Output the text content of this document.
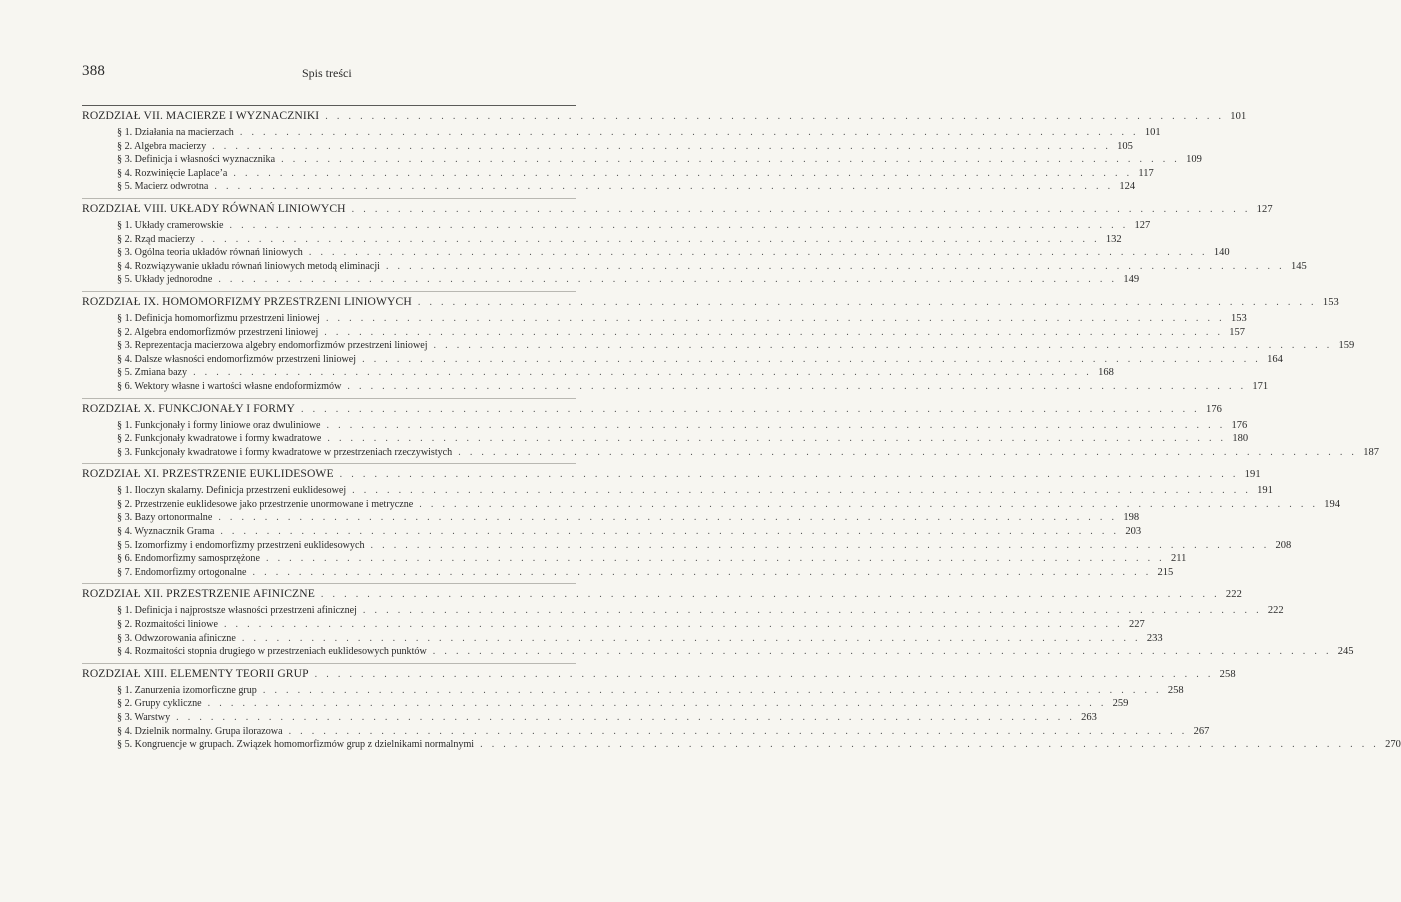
388	Spis treści
ROZDZIAŁ VII. MACIERZE I WYZNACZNIKI . . . . . . . . . . . . . . . . . . . . . . . . . . . . . . . . . . . . . . . . . . . . . . . . . . . . . . . . . . . . . . . . . . . . . . . . . . . . . . 101
§ 1. Działania na macierzach . . . . . . . . . . . . . . . . . . . . . . . . . . . . . . . . . . . . . . . . . . . . . . . . . . . . . . . . . . . . . . . . . . . . . . . . . . . . . . 101
§ 2. Algebra macierzy . . . . . . . . . . . . . . . . . . . . . . . . . . . . . . . . . . . . . . . . . . . . . . . . . . . . . . . . . . . . . . . . . . . . . . . . . . . . . . 105
§ 3. Definicja i własności wyznacznika . . . . . . . . . . . . . . . . . . . . . . . . . . . . . . . . . . . . . . . . . . . . . . . . . . . . . . . . . . . . . . . . . . . . . . . . . . . . . . 109
§ 4. Rozwinięcie Laplace’a . . . . . . . . . . . . . . . . . . . . . . . . . . . . . . . . . . . . . . . . . . . . . . . . . . . . . . . . . . . . . . . . . . . . . . . . . . . . . . 117
§ 5. Macierz odwrotna . . . . . . . . . . . . . . . . . . . . . . . . . . . . . . . . . . . . . . . . . . . . . . . . . . . . . . . . . . . . . . . . . . . . . . . . . . . . . . 124
ROZDZIAŁ VIII. UKŁADY RÓWNAŃ LINIOWYCH . . . . . . . . . . . . . . . . . . . . . . . . . . . . . . . . . . . . . . . . . . . . . . . . . . . . . . . . . . . . . . . . . . . . . . . . . . . . . . 127
§ 1. Układy cramerowskie . . . . . . . . . . . . . . . . . . . . . . . . . . . . . . . . . . . . . . . . . . . . . . . . . . . . . . . . . . . . . . . . . . . . . . . . . . . . . . 127
§ 2. Rząd macierzy . . . . . . . . . . . . . . . . . . . . . . . . . . . . . . . . . . . . . . . . . . . . . . . . . . . . . . . . . . . . . . . . . . . . . . . . . . . . . . 132
§ 3. Ogólna teoria układów równań liniowych . . . . . . . . . . . . . . . . . . . . . . . . . . . . . . . . . . . . . . . . . . . . . . . . . . . . . . . . . . . . . . . . . . . . . . . . . . . . . . 140
§ 4. Rozwiązywanie układu równań liniowych metodą eliminacji . . . . . . . . . . . . . . . . . . . . . . . . . . . . . . . . . . . . . . . . . . . . . . . . . . . . . . . . . . . . . . . . . . . . . . . . . . . . . . 145
§ 5. Układy jednorodne . . . . . . . . . . . . . . . . . . . . . . . . . . . . . . . . . . . . . . . . . . . . . . . . . . . . . . . . . . . . . . . . . . . . . . . . . . . . . . 149
ROZDZIAŁ IX. HOMOMORFIZMY PRZESTRZENI LINIOWYCH . . . . . . . . . . . . . . . . . . . . . . . . . . . . . . . . . . . . . . . . . . . . . . . . . . . . . . . . . . . . . . . . . . . . . . . . . . . . . . 153
§ 1. Definicja homomorfizmu przestrzeni liniowej . . . . . . . . . . . . . . . . . . . . . . . . . . . . . . . . . . . . . . . . . . . . . . . . . . . . . . . . . . . . . . . . . . . . . . . . . . . . . . 153
§ 2. Algebra endomorfizmów przestrzeni liniowej . . . . . . . . . . . . . . . . . . . . . . . . . . . . . . . . . . . . . . . . . . . . . . . . . . . . . . . . . . . . . . . . . . . . . . . . . . . . . . 157
§ 3. Reprezentacja macierzowa algebry endomorfizmów przestrzeni liniowej . . . . . . . . . . . . . . . . . . . . . . . . . . . . . . . . . . . . . . . . . . . . . . . . . . . . . . . . . . . . . . . . . . . . . . . . . . . . . . 159
§ 4. Dalsze własności endomorfizmów przestrzeni liniowej . . . . . . . . . . . . . . . . . . . . . . . . . . . . . . . . . . . . . . . . . . . . . . . . . . . . . . . . . . . . . . . . . . . . . . . . . . . . . . 164
§ 5. Zmiana bazy . . . . . . . . . . . . . . . . . . . . . . . . . . . . . . . . . . . . . . . . . . . . . . . . . . . . . . . . . . . . . . . . . . . . . . . . . . . . . . 168
§ 6. Wektory własne i wartości własne endoformizmów . . . . . . . . . . . . . . . . . . . . . . . . . . . . . . . . . . . . . . . . . . . . . . . . . . . . . . . . . . . . . . . . . . . . . . . . . . . . . . 171
ROZDZIAŁ X. FUNKCJONAŁY I FORMY . . . . . . . . . . . . . . . . . . . . . . . . . . . . . . . . . . . . . . . . . . . . . . . . . . . . . . . . . . . . . . . . . . . . . . . . . . . . . . 176
§ 1. Funkcjonały i formy liniowe oraz dwuliniowe . . . . . . . . . . . . . . . . . . . . . . . . . . . . . . . . . . . . . . . . . . . . . . . . . . . . . . . . . . . . . . . . . . . . . . . . . . . . . . 176
§ 2. Funkcjonały kwadratowe i formy kwadratowe . . . . . . . . . . . . . . . . . . . . . . . . . . . . . . . . . . . . . . . . . . . . . . . . . . . . . . . . . . . . . . . . . . . . . . . . . . . . . . 180
§ 3. Funkcjonały kwadratowe i formy kwadratowe w przestrzeniach rzeczywistych . . . . . . . . . . . . . . . . . . . . . . . . . . . . . . . . . . . . . . . . . . . . . . . . . . . . . . . . . . . . . . . . . . . . . . . . . . . . . . 187
ROZDZIAŁ XI. PRZESTRZENIE EUKLIDESOWE . . . . . . . . . . . . . . . . . . . . . . . . . . . . . . . . . . . . . . . . . . . . . . . . . . . . . . . . . . . . . . . . . . . . . . . . . . . . . . 191
§ 1. Iloczyn skalarny. Definicja przestrzeni euklidesowej . . . . . . . . . . . . . . . . . . . . . . . . . . . . . . . . . . . . . . . . . . . . . . . . . . . . . . . . . . . . . . . . . . . . . . . . . . . . . . 191
§ 2. Przestrzenie euklidesowe jako przestrzenie unormowane i metryczne . . . . . . . . . . . . . . . . . . . . . . . . . . . . . . . . . . . . . . . . . . . . . . . . . . . . . . . . . . . . . . . . . . . . . . . . . . . . . . 194
§ 3. Bazy ortonormalne . . . . . . . . . . . . . . . . . . . . . . . . . . . . . . . . . . . . . . . . . . . . . . . . . . . . . . . . . . . . . . . . . . . . . . . . . . . . . . 198
§ 4. Wyznacznik Grama . . . . . . . . . . . . . . . . . . . . . . . . . . . . . . . . . . . . . . . . . . . . . . . . . . . . . . . . . . . . . . . . . . . . . . . . . . . . . . 203
§ 5. Izomorfizmy i endomorfizmy przestrzeni euklidesowych . . . . . . . . . . . . . . . . . . . . . . . . . . . . . . . . . . . . . . . . . . . . . . . . . . . . . . . . . . . . . . . . . . . . . . . . . . . . . . 208
§ 6. Endomorfizmy samosprzężone . . . . . . . . . . . . . . . . . . . . . . . . . . . . . . . . . . . . . . . . . . . . . . . . . . . . . . . . . . . . . . . . . . . . . . . . . . . . . . 211
§ 7. Endomorfizmy ortogonalne . . . . . . . . . . . . . . . . . . . . . . . . . . . . . . . . . . . . . . . . . . . . . . . . . . . . . . . . . . . . . . . . . . . . . . . . . . . . . . 215
ROZDZIAŁ XII. PRZESTRZENIE AFINICZNE . . . . . . . . . . . . . . . . . . . . . . . . . . . . . . . . . . . . . . . . . . . . . . . . . . . . . . . . . . . . . . . . . . . . . . . . . . . . . . 222
§ 1. Definicja i najprostsze własności przestrzeni afinicznej . . . . . . . . . . . . . . . . . . . . . . . . . . . . . . . . . . . . . . . . . . . . . . . . . . . . . . . . . . . . . . . . . . . . . . . . . . . . . . 222
§ 2. Rozmaitości liniowe . . . . . . . . . . . . . . . . . . . . . . . . . . . . . . . . . . . . . . . . . . . . . . . . . . . . . . . . . . . . . . . . . . . . . . . . . . . . . . 227
§ 3. Odwzorowania afiniczne . . . . . . . . . . . . . . . . . . . . . . . . . . . . . . . . . . . . . . . . . . . . . . . . . . . . . . . . . . . . . . . . . . . . . . . . . . . . . . 233
§ 4. Rozmaitości stopnia drugiego w przestrzeniach euklidesowych punktów . . . . . . . . . . . . . . . . . . . . . . . . . . . . . . . . . . . . . . . . . . . . . . . . . . . . . . . . . . . . . . . . . . . . . . . . . . . . . . 245
ROZDZIAŁ XIII. ELEMENTY TEORII GRUP . . . . . . . . . . . . . . . . . . . . . . . . . . . . . . . . . . . . . . . . . . . . . . . . . . . . . . . . . . . . . . . . . . . . . . . . . . . . . . 258
§ 1. Zanurzenia izomorficzne grup . . . . . . . . . . . . . . . . . . . . . . . . . . . . . . . . . . . . . . . . . . . . . . . . . . . . . . . . . . . . . . . . . . . . . . . . . . . . . . 258
§ 2. Grupy cykliczne . . . . . . . . . . . . . . . . . . . . . . . . . . . . . . . . . . . . . . . . . . . . . . . . . . . . . . . . . . . . . . . . . . . . . . . . . . . . . . 259
§ 3. Warstwy . . . . . . . . . . . . . . . . . . . . . . . . . . . . . . . . . . . . . . . . . . . . . . . . . . . . . . . . . . . . . . . . . . . . . . . . . . . . . . 263
§ 4. Dzielnik normalny. Grupa ilorazowa . . . . . . . . . . . . . . . . . . . . . . . . . . . . . . . . . . . . . . . . . . . . . . . . . . . . . . . . . . . . . . . . . . . . . . . . . . . . . . 267
§ 5. Kongruencje w grupach. Związek homomorfizmów grup z dzielnikami normalnymi . . . . . . . . . . . . . . . . . . . . . . . . . . . . . . . . . . . . . . . . . . . . . . . . . . . . . . . . . . . . . . . . . . . . . . . . . . . . . . 270
